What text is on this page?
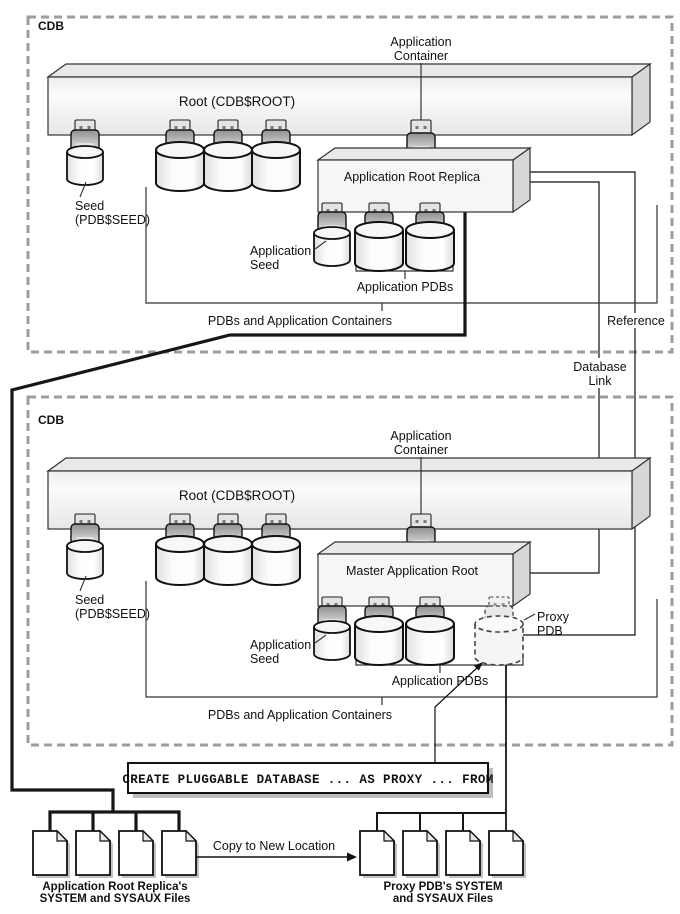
CDB
Root (CDB$ROOT)
Application
Container
Seed
(PDB$SEED)
Application Root Replica
Application
Seed
Application PDBs
PDBs and Application Containers
CDB
Root (CDB$ROOT)
Application
Container
Seed
(PDB$SEED)
Master Application Root
Proxy
PDB
Application
Seed
Application PDBs
PDBs and Application Containers
Reference
Database
Link
CREATE PLUGGABLE DATABASE ... AS PROXY ... FROM
Application Root Replica's
SYSTEM and SYSAUX Files
Copy to New Location
Proxy PDB's SYSTEM
and SYSAUX Files
